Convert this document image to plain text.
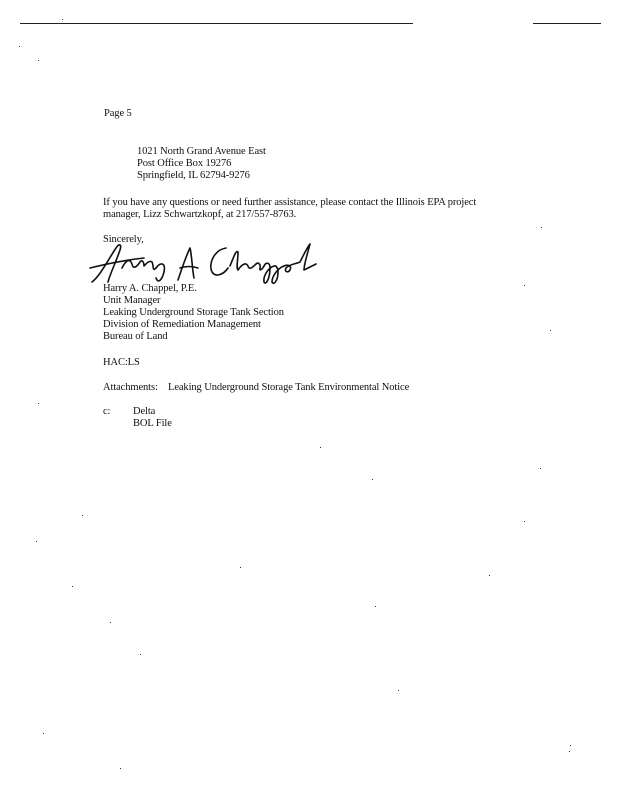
Page 5
1021 North Grand Avenue East
Post Office Box 19276
Springfield, IL 62794-9276
If you have any questions or need further assistance, please contact the Illinois EPA project
manager, Lizz Schwartzkopf, at 217/557-8763.
Sincerely,
Harry A. Chappel, P.E.
Unit Manager
Leaking Underground Storage Tank Section
Division of Remediation Management
Bureau of Land
HAC:LS
Attachments: Leaking Underground Storage Tank Environmental Notice
c: Delta
BOL File
